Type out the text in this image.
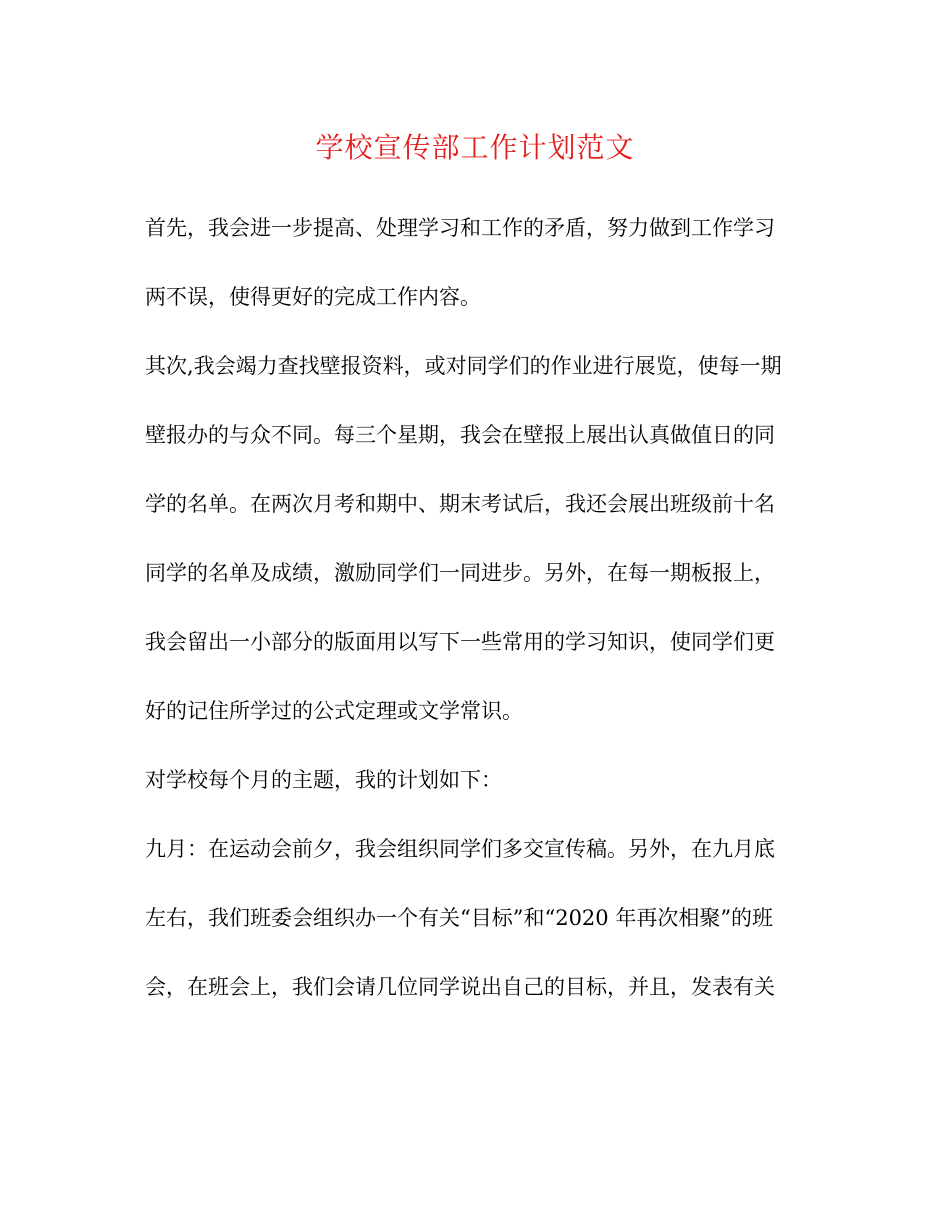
学校宣传部工作计划范文
首先，我会进一步提高、处理学习和工作的矛盾，努力做到工作学习
两不误，使得更好的完成工作内容。
其次,我会竭力查找壁报资料，或对同学们的作业进行展览，使每一期
壁报办的与众不同。每三个星期，我会在壁报上展出认真做值日的同
学的名单。在两次月考和期中、期末考试后，我还会展出班级前十名
同学的名单及成绩，激励同学们一同进步。另外，在每一期板报上，
我会留出一小部分的版面用以写下一些常用的学习知识，使同学们更
好的记住所学过的公式定理或文学常识。
对学校每个月的主题，我的计划如下：
九月：在运动会前夕，我会组织同学们多交宣传稿。另外，在九月底
左右，我们班委会组织办一个有关“目标”和“2020 年再次相聚”的班
会，在班会上，我们会请几位同学说出自己的目标，并且，发表有关
